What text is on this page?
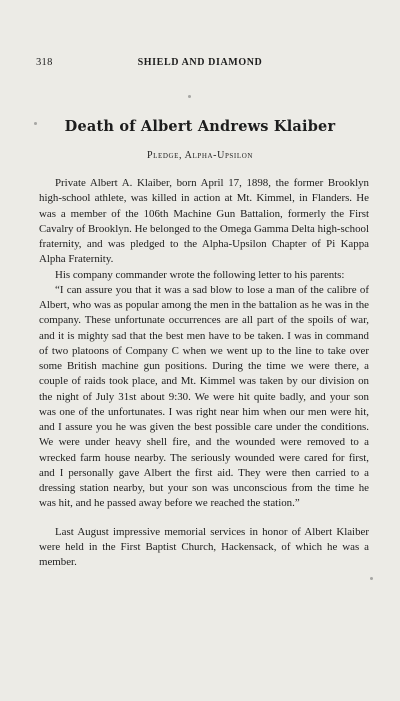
318	SHIELD AND DIAMOND
Death of Albert Andrews Klaiber
Pledge, Alpha-Upsilon

Private Albert A. Klaiber, born April 17, 1898, the former Brooklyn high-school athlete, was killed in action at Mt. Kimmel, in Flanders. He was a member of the 106th Machine Gun Battalion, formerly the First Cavalry of Brooklyn. He belonged to the Omega Gamma Delta high-school fraternity, and was pledged to the Alpha-Upsilon Chapter of Pi Kappa Alpha Fraternity.

His company commander wrote the following letter to his parents:

“I can assure you that it was a sad blow to lose a man of the calibre of Albert, who was as popular among the men in the battalion as he was in the company. These unfortunate occurrences are all part of the spoils of war, and it is mighty sad that the best men have to be taken. I was in command of two platoons of Company C when we went up to the line to take over some British machine gun positions. During the time we were there, a couple of raids took place, and Mt. Kimmel was taken by our division on the night of July 31st about 9:30. We were hit quite badly, and your son was one of the unfortunates. I was right near him when our men were hit, and I assure you he was given the best possible care under the conditions. We were under heavy shell fire, and the wounded were removed to a wrecked farm house nearby. The seriously wounded were cared for first, and I personally gave Albert the first aid. They were then carried to a dressing station nearby, but your son was unconscious from the time he was hit, and he passed away before we reached the station.”

Last August impressive memorial services in honor of Albert Klaiber were held in the First Baptist Church, Hackensack, of which he was a member.
